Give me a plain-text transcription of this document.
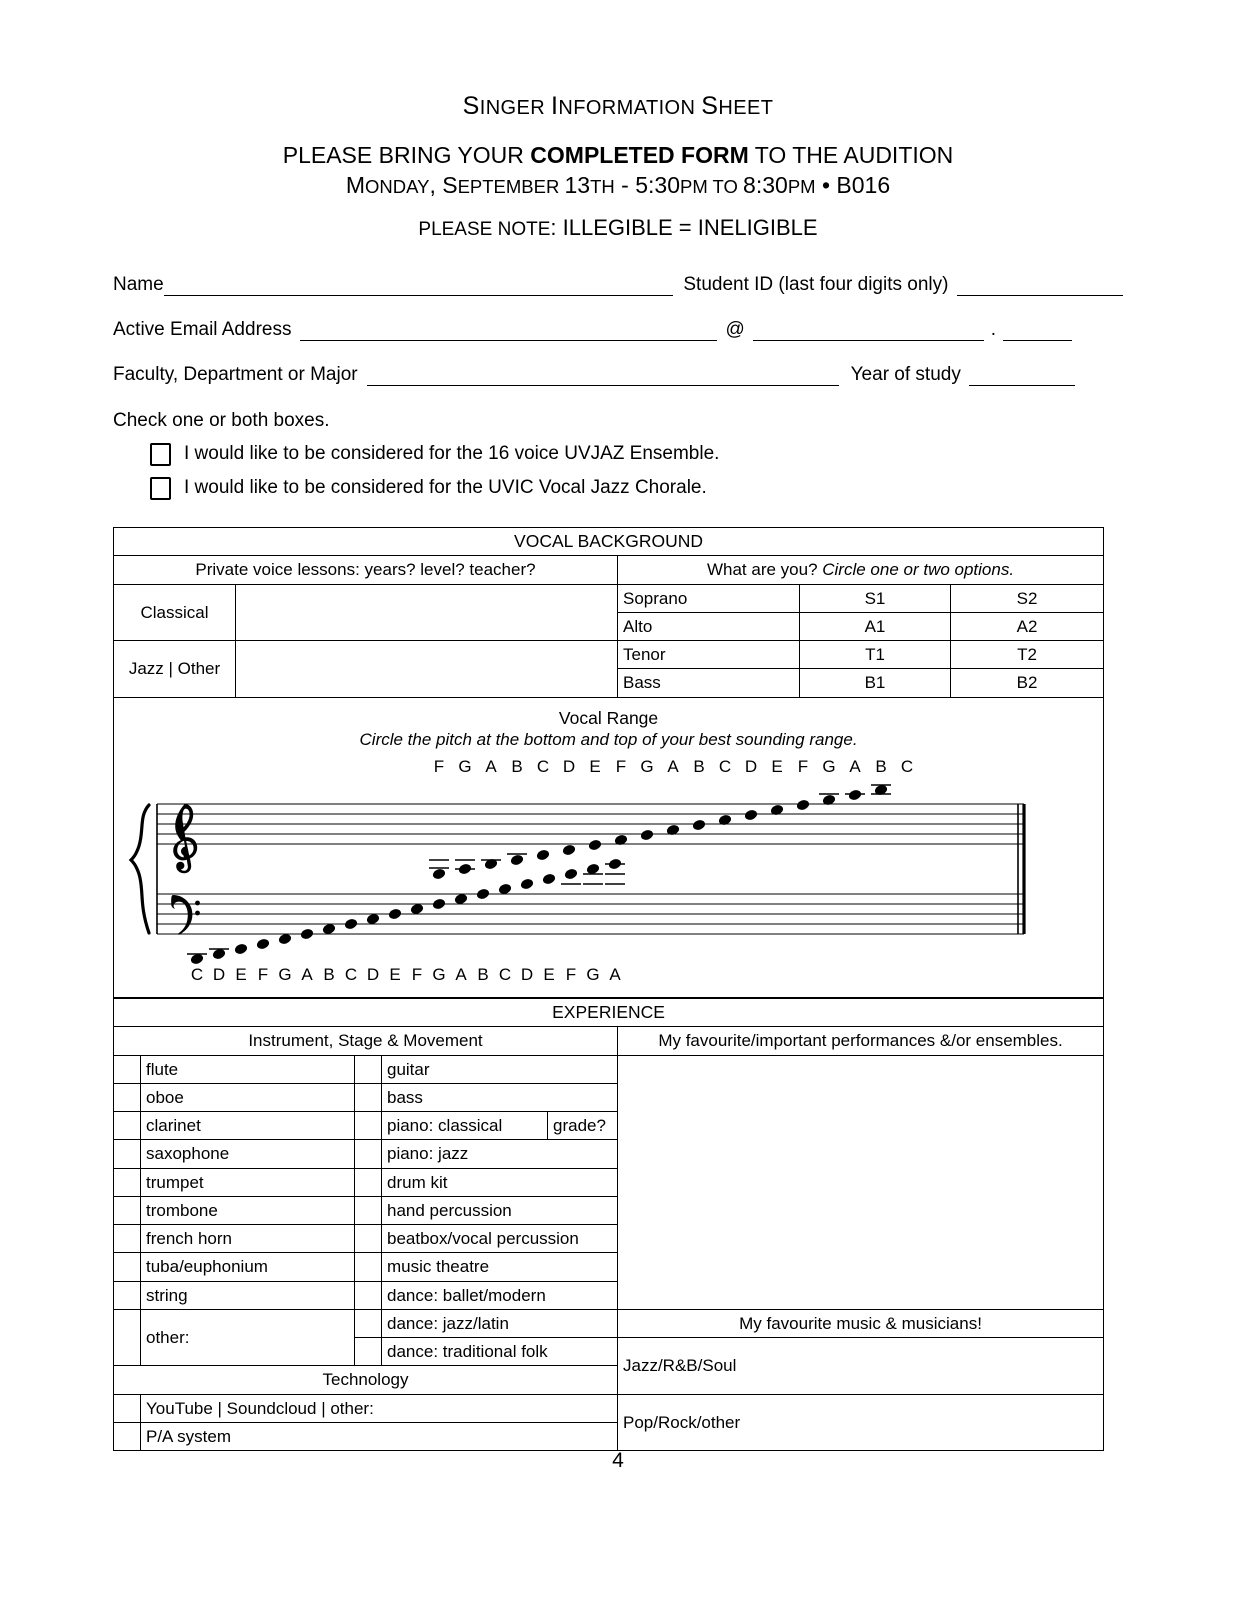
SINGER INFORMATION SHEET
PLEASE BRING YOUR COMPLETED FORM TO THE AUDITION
MONDAY, SEPTEMBER 13TH - 5:30PM TO 8:30PM • B016
PLEASE NOTE: ILLEGIBLE = INELIGIBLE
Name	Student ID (last four digits only)
Active Email Address	@	.
Faculty, Department or Major	Year of study
Check one or both boxes.
I would like to be considered for the 16 voice UVJAZ Ensemble.
I would like to be considered for the UVIC Vocal Jazz Chorale.
VOCAL BACKGROUND				
Private voice lessons: years? level? teacher?		What are you? Circle one or two options.		
Classical		Soprano	S1	S2
		Alto	A1	A2
Jazz | Other		Tenor	T1	T2
		Bass	B1	B2

Vocal Range
Circle the pitch at the bottom and top of your best sounding range.
F G A B C D E F G A B C D E F G A B C
C D E F G A B C D E F G A B C D E F G A
EXPERIENCE					
Instrument, Stage & Movement					My favourite/important performances &/or ensembles.
	flute		guitar		
	oboe		bass		
	clarinet		piano: classical	grade?	
	saxophone		piano: jazz		
	trumpet		drum kit		
	trombone		hand percussion		
	french horn		beatbox/vocal percussion		
	tuba/euphonium		music theatre		
	string		dance: ballet/modern		
	other:		dance: jazz/latin		My favourite music & musicians!
			dance: traditional folk		Jazz/R&B/Soul
Technology					
	YouTube | Soundcloud | other:				Pop/Rock/other
	P/A system				
4
